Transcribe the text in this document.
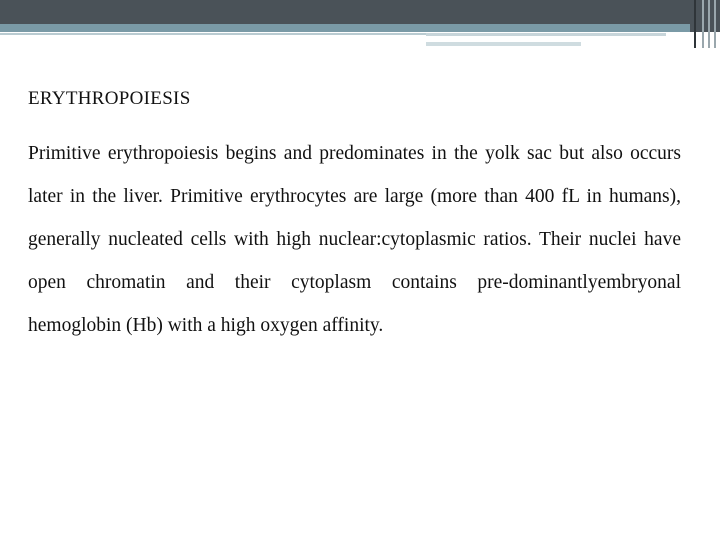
ERYTHROPOIESIS
Primitive erythropoiesis begins and predominates in the yolk sac but also occurs later in the liver. Primitive erythrocytes are large (more than 400 fL in humans), generally nucleated cells with high nuclear:cytoplasmic ratios. Their nuclei have open chromatin and their cytoplasm contains pre-dominantlyembryonal hemoglobin (Hb) with a high oxygen affinity.
